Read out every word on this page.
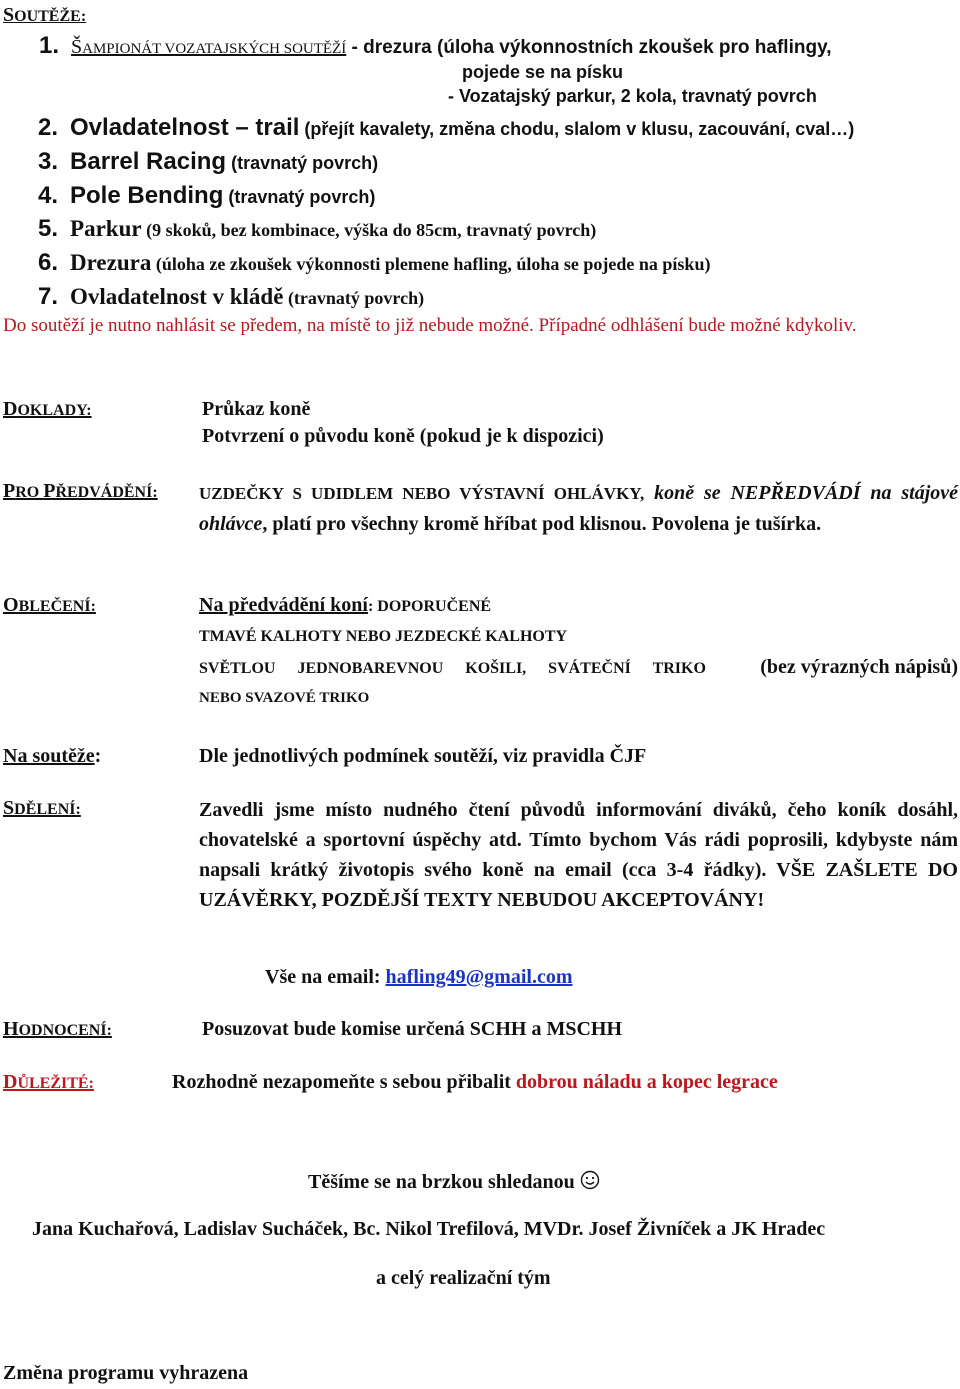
SOUTĚŽE:
1. ŠAMPIONÁT VOZATAJSKÝCH SOUTĚŽÍ - drezura (úloha výkonnostních zkoušek pro haflingy,
pojede se na písku
- Vozatajský parkur, 2 kola, travnatý povrch
2. Ovladatelnost – trail (přejít kavalety, změna chodu, slalom v klusu, zacouvání, cval…)
3. Barrel Racing (travnatý povrch)
4. Pole Bending (travnatý povrch)
5. Parkur (9 skoků, bez kombinace, výška do 85cm, travnatý povrch)
6. Drezura (úloha ze zkoušek výkonnosti plemene hafling, úloha se pojede na písku)
7. Ovladatelnost v kládě (travnatý povrch)
Do soutěží je nutno nahlásit se předem, na místě to již nebude možné. Případné odhlášení bude možné kdykoliv.
DOKLADY:	Průkaz koně
Potvrzení o původu koně (pokud je k dispozici)
PRO PŘEDVÁDĚNÍ: UZDEČKY S UDIDLEM NEBO VÝSTAVNÍ OHLÁVKY, koně se NEPŘEDVÁDÍ na stájové ohlávce, platí pro všechny kromě hříbat pod klisnou. Povolena je tušírka.
OBLEČENÍ:	Na předvádění koní: DOPORUČENÉ
TMAVÉ KALHOTY NEBO JEZDECKÉ KALHOTY
SVĚTLOU JEDNOBAREVNOU KOŠILI, SVÁTEČNÍ TRIKO	(bez výrazných nápisů)
NEBO SVAZOVÉ TRIKO
Na soutěže:	Dle jednotlivých podmínek soutěží, viz pravidla ČJF
SDĚLENÍ:	Zavedli jsme místo nudného čtení původů informování diváků, čeho koník dosáhl, chovatelské a sportovní úspěchy atd. Tímto bychom Vás rádi poprosili, kdybyste nám napsali krátký životopis svého koně na email (cca 3-4 řádky). VŠE ZAŠLETE DO UZÁVĚRKY, POZDĚJŠÍ TEXTY NEBUDOU AKCEPTOVÁNY!
Vše na email: hafling49@gmail.com
HODNOCENÍ:	Posuzovat bude komise určená SCHH a MSCHH
DŮLEŽITÉ:	Rozhodně nezapomeňte s sebou přibalit dobrou náladu a kopec legrace
Těšíme se na brzkou shledanou
Jana Kuchařová, Ladislav Sucháček, Bc. Nikol Trefilová, MVDr. Josef Živníček a JK Hradec
a celý realizační tým
Změna programu vyhrazena
